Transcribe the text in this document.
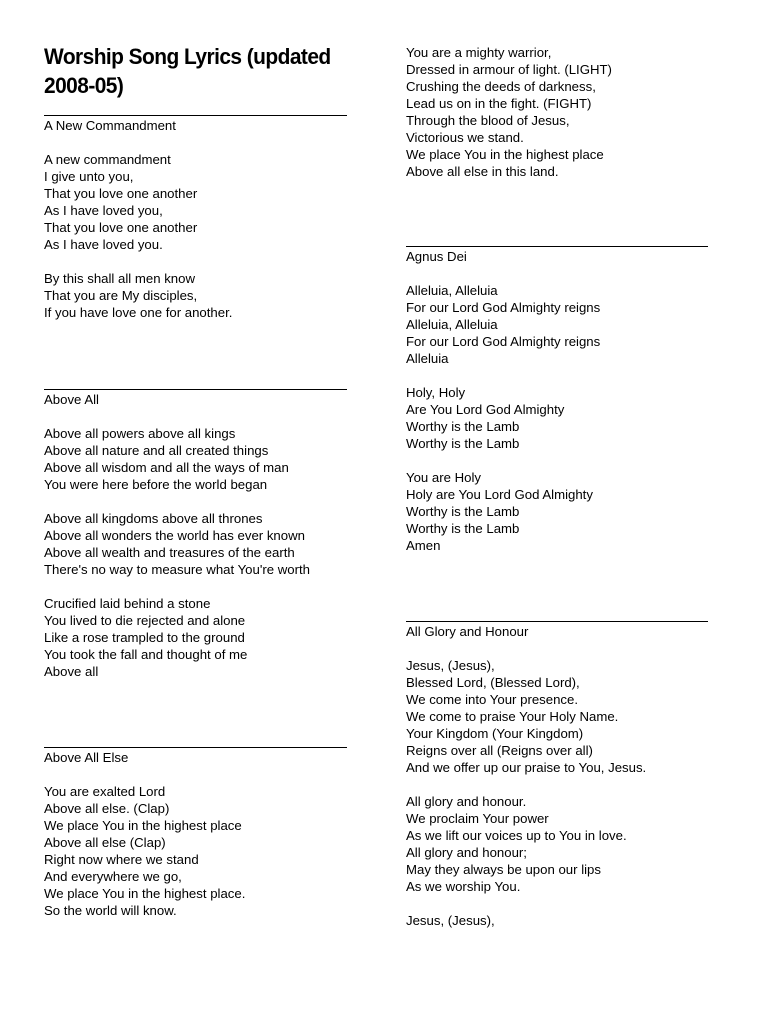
Worship Song Lyrics (updated
2008-05)
A New Commandment
A new commandment
I give unto you,
That you love one another
As I have loved you,
That you love one another
As I have loved you.
By this shall all men know
That you are My disciples,
If you have love one for another.
Above All
Above all powers above all kings
Above all nature and all created things
Above all wisdom and all the ways of man
You were here before the world began
Above all kingdoms above all thrones
Above all wonders the world has ever known
Above all wealth and treasures of the earth
There's no way to measure what You're worth
Crucified laid behind a stone
You lived to die rejected and alone
Like a rose trampled to the ground
You took the fall and thought of me
Above all
Above All Else
You are exalted Lord
Above all else. (Clap)
We place You in the highest place
Above all else (Clap)
Right now where we stand
And everywhere we go,
We place You in the highest place.
So the world will know.
You are a mighty warrior,
Dressed in armour of light. (LIGHT)
Crushing the deeds of darkness,
Lead us on in the fight. (FIGHT)
Through the blood of Jesus,
Victorious we stand.
We place You in the highest place
Above all else in this land.
Agnus Dei
Alleluia, Alleluia
For our Lord God Almighty reigns
Alleluia, Alleluia
For our Lord God Almighty reigns
Alleluia
Holy, Holy
Are You Lord God Almighty
Worthy is the Lamb
Worthy is the Lamb
You are Holy
Holy are You Lord God Almighty
Worthy is the Lamb
Worthy is the Lamb
Amen
All Glory and Honour
Jesus, (Jesus),
Blessed Lord, (Blessed Lord),
We come into Your presence.
We come to praise Your Holy Name.
Your Kingdom (Your Kingdom)
Reigns over all (Reigns over all)
And we offer up our praise to You, Jesus.
All glory and honour.
We proclaim Your power
As we lift our voices up to You in love.
All glory and honour;
May they always be upon our lips
As we worship You.
Jesus, (Jesus),
